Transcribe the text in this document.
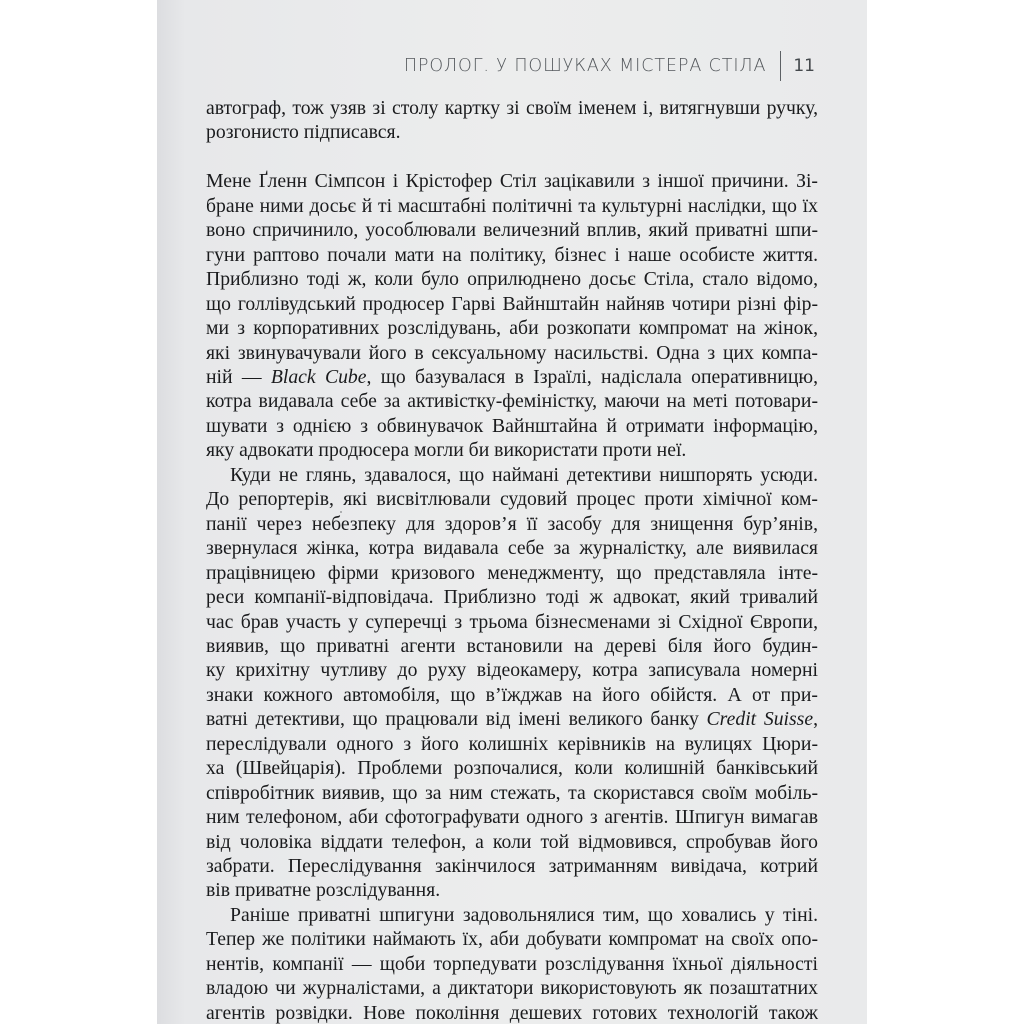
ПРОЛОГ. У ПОШУКАХ МІСТЕРА СТІЛА 11
автограф, тож узяв зі столу картку зі своїм іменем і, витягнувши ручку,
розгонисто підписався.
Мене Ґленн Сімпсон і Крістофер Стіл зацікавили з іншої причини. Зі-
бране ними досьє й ті масштабні політичні та культурні наслідки, що їх
воно спричинило, уособлювали величезний вплив, який приватні шпи-
гуни раптово почали мати на політику, бізнес і наше особисте життя.
Приблизно тоді ж, коли було оприлюднено досьє Стіла, стало відомо,
що голлівудський продюсер Гарві Вайнштайн найняв чотири різні фір-
ми з корпоративних розслідувань, аби розкопати компромат на жінок,
які звинувачували його в сексуальному насильстві. Одна з цих компа-
ній — Black Cube, що базувалася в Ізраїлі, надіслала оперативницю,
котра видавала себе за активістку-феміністку, маючи на меті потовари-
шувати з однією з обвинувачок Вайнштайна й отримати інформацію,
яку адвокати продюсера могли би використати проти неї.
Куди не глянь, здавалося, що наймані детективи нишпорять усюди.
До репортерів, які висвітлювали судовий процес проти хімічної ком-
панії через небезпеку для здоров’я її засобу для знищення бур’янів,
звернулася жінка, котра видавала себе за журналістку, але виявилася
працівницею фірми кризового менеджменту, що представляла інте-
реси компанії-відповідача. Приблизно тоді ж адвокат, який тривалий
час брав участь у суперечці з трьома бізнесменами зі Східної Європи,
виявив, що приватні агенти встановили на дереві біля його будин-
ку крихітну чутливу до руху відеокамеру, котра записувала номерні
знаки кожного автомобіля, що в’їжджав на його обійстя. А от при-
ватні детективи, що працювали від імені великого банку Credit Suisse,
переслідували одного з його колишніх керівників на вулицях Цюри-
ха (Швейцарія). Проблеми розпочалися, коли колишній банківський
співробітник виявив, що за ним стежать, та скористався своїм мобіль-
ним телефоном, аби сфотографувати одного з агентів. Шпигун вимагав
від чоловіка віддати телефон, а коли той відмовився, спробував його
забрати. Переслідування закінчилося затриманням вивідача, котрий
вів приватне розслідування.
Раніше приватні шпигуни задовольнялися тим, що ховались у тіні.
Тепер же політики наймають їх, аби добувати компромат на своїх опо-
нентів, компанії — щоби торпедувати розслідування їхньої діяльності
владою чи журналістами, а диктатори використовують як позаштатних
агентів розвідки. Нове покоління дешевих готових технологій також
